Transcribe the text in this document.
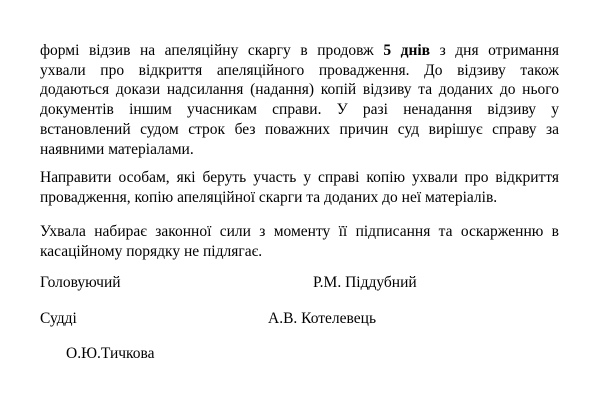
формі відзив на апеляційну скаргу в продовж 5 днів з дня отримання
ухвали про відкриття апеляційного провадження. До відзиву також
додаються докази надсилання (надання) копій відзиву та доданих до нього
документів іншим учасникам справи. У разі ненадання відзиву у
встановлений судом строк без поважних причин суд вирішує справу за
наявними матеріалами.
Направити особам, які беруть участь у справі копію ухвали про відкриття
провадження, копію апеляційної скарги та доданих до неї матеріалів.
Ухвала набирає законної сили з моменту її підписання та оскарженню в
касаційному порядку не підлягає.
Головуючий	Р.М. Піддубний
Судді	А.В. Котелевець
О.Ю.Тичкова
